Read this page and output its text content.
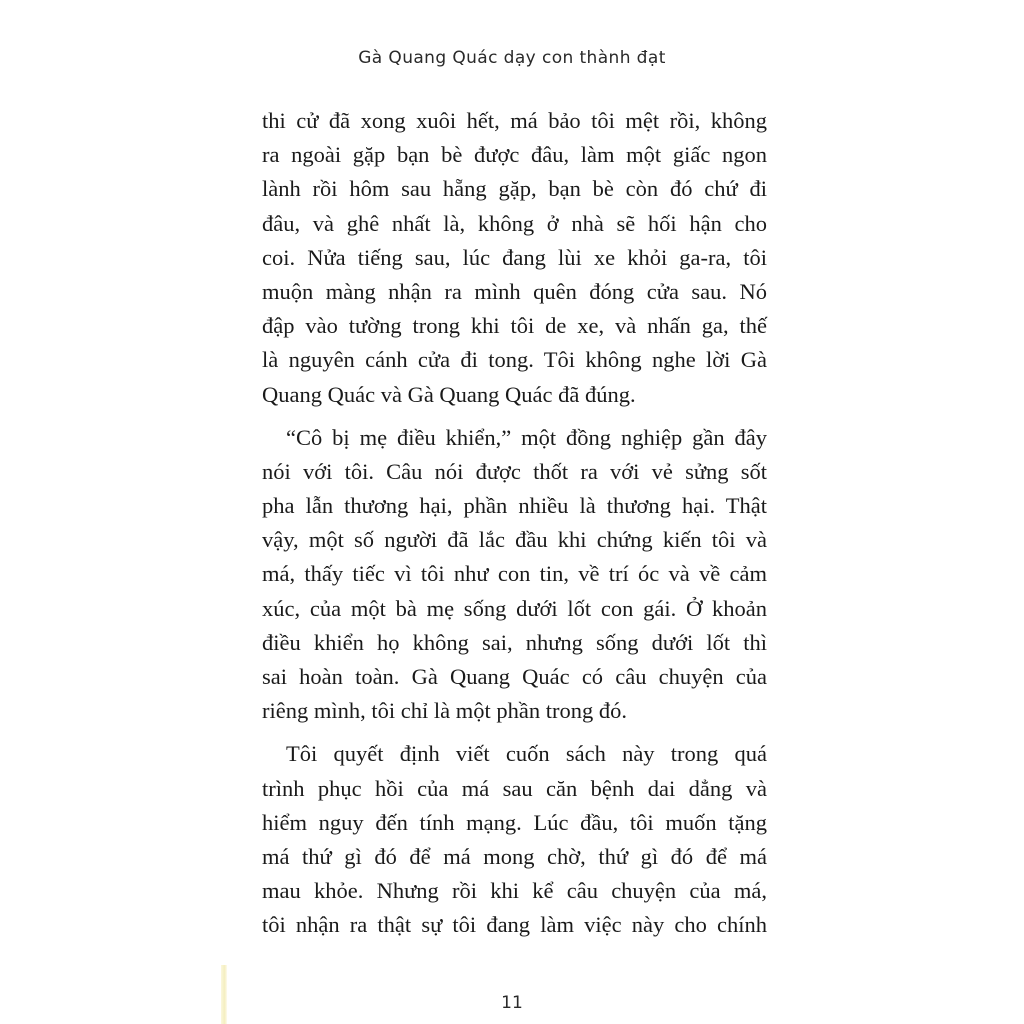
Gà Quang Quác dạy con thành đạt
thi cử đã xong xuôi hết, má bảo tôi mệt rồi, không
ra ngoài gặp bạn bè được đâu, làm một giấc ngon
lành rồi hôm sau hẵng gặp, bạn bè còn đó chứ đi
đâu, và ghê nhất là, không ở nhà sẽ hối hận cho
coi. Nửa tiếng sau, lúc đang lùi xe khỏi ga-ra, tôi
muộn màng nhận ra mình quên đóng cửa sau. Nó
đập vào tường trong khi tôi de xe, và nhấn ga, thế
là nguyên cánh cửa đi tong. Tôi không nghe lời Gà
Quang Quác và Gà Quang Quác đã đúng.
“Cô bị mẹ điều khiển,” một đồng nghiệp gần đây
nói với tôi. Câu nói được thốt ra với vẻ sửng sốt
pha lẫn thương hại, phần nhiều là thương hại. Thật
vậy, một số người đã lắc đầu khi chứng kiến tôi và
má, thấy tiếc vì tôi như con tin, về trí óc và về cảm
xúc, của một bà mẹ sống dưới lốt con gái. Ở khoản
điều khiển họ không sai, nhưng sống dưới lốt thì
sai hoàn toàn. Gà Quang Quác có câu chuyện của
riêng mình, tôi chỉ là một phần trong đó.
Tôi quyết định viết cuốn sách này trong quá
trình phục hồi của má sau căn bệnh dai dẳng và
hiểm nguy đến tính mạng. Lúc đầu, tôi muốn tặng
má thứ gì đó để má mong chờ, thứ gì đó để má
mau khỏe. Nhưng rồi khi kể câu chuyện của má,
tôi nhận ra thật sự tôi đang làm việc này cho chính
11
